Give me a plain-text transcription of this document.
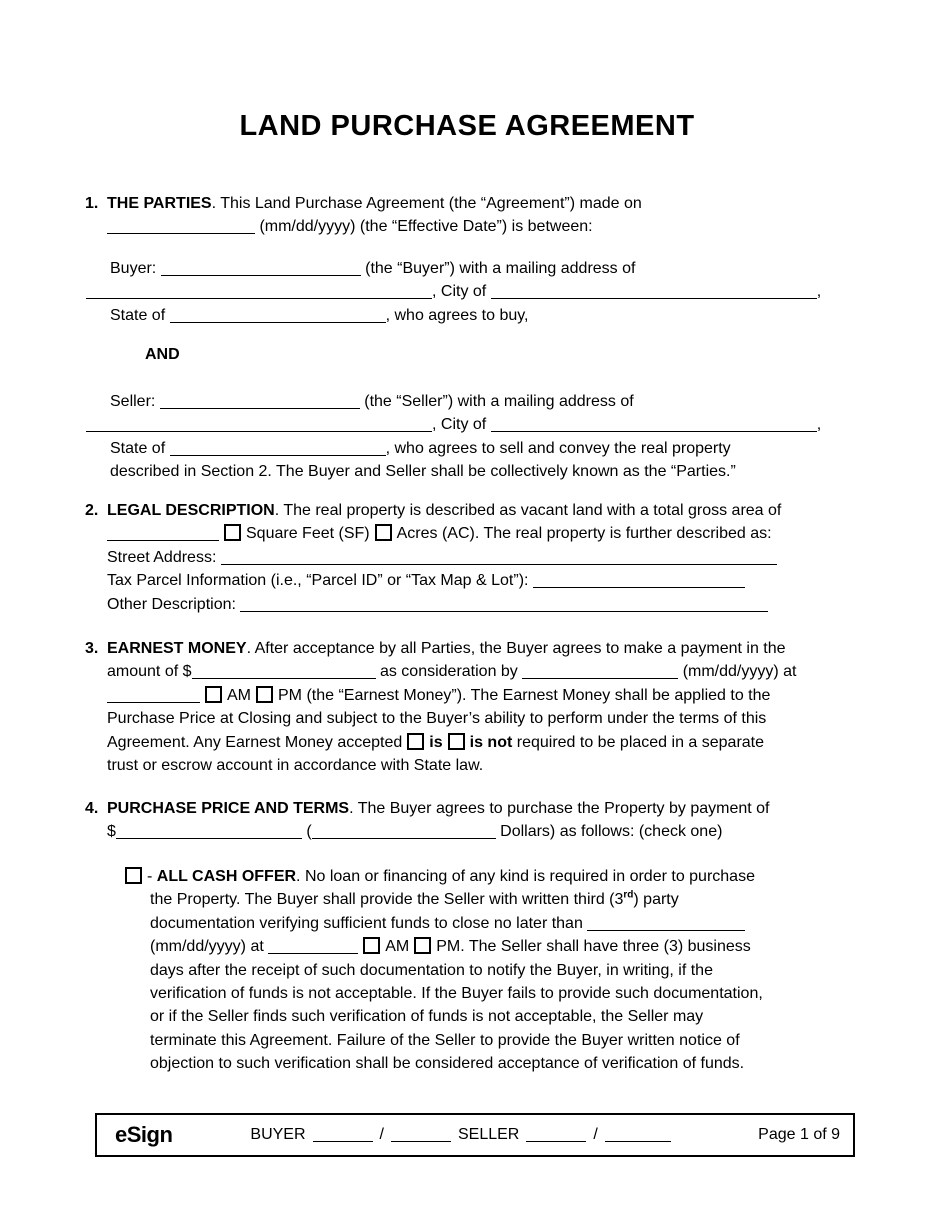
LAND PURCHASE AGREEMENT
1. THE PARTIES. This Land Purchase Agreement (the “Agreement”) made on
(mm/dd/yyyy) (the “Effective Date”) is between:
Buyer:	(the “Buyer”) with a mailing address of
, City of	,
State of	, who agrees to buy,
AND
Seller:	(the “Seller”) with a mailing address of
, City of	,
State of	, who agrees to sell and convey the real property
described in Section 2. The Buyer and Seller shall be collectively known as the “Parties.”
2. LEGAL DESCRIPTION. The real property is described as vacant land with a total gross area of
Square Feet (SF) Acres (AC). The real property is further described as:
Street Address:
Tax Parcel Information (i.e., “Parcel ID” or “Tax Map & Lot”):
Other Description:
3. EARNEST MONEY. After acceptance by all Parties, the Buyer agrees to make a payment in the
amount of $	as consideration by	(mm/dd/yyyy) at
AM PM (the “Earnest Money”). The Earnest Money shall be applied to the
Purchase Price at Closing and subject to the Buyer’s ability to perform under the terms of this
Agreement. Any Earnest Money accepted is is not required to be placed in a separate
trust or escrow account in accordance with State law.
4. PURCHASE PRICE AND TERMS. The Buyer agrees to purchase the Property by payment of
$	(	Dollars) as follows: (check one)
- ALL CASH OFFER. No loan or financing of any kind is required in order to purchase
the Property. The Buyer shall provide the Seller with written third (3rd) party
documentation verifying sufficient funds to close no later than
(mm/dd/yyyy) at	AM PM. The Seller shall have three (3) business
days after the receipt of such documentation to notify the Buyer, in writing, if the
verification of funds is not acceptable. If the Buyer fails to provide such documentation,
or if the Seller finds such verification of funds is not acceptable, the Seller may
terminate this Agreement. Failure of the Seller to provide the Buyer written notice of
objection to such verification shall be considered acceptance of verification of funds.
eSign	BUYER	/	SELLER	/	Page 1 of 9
